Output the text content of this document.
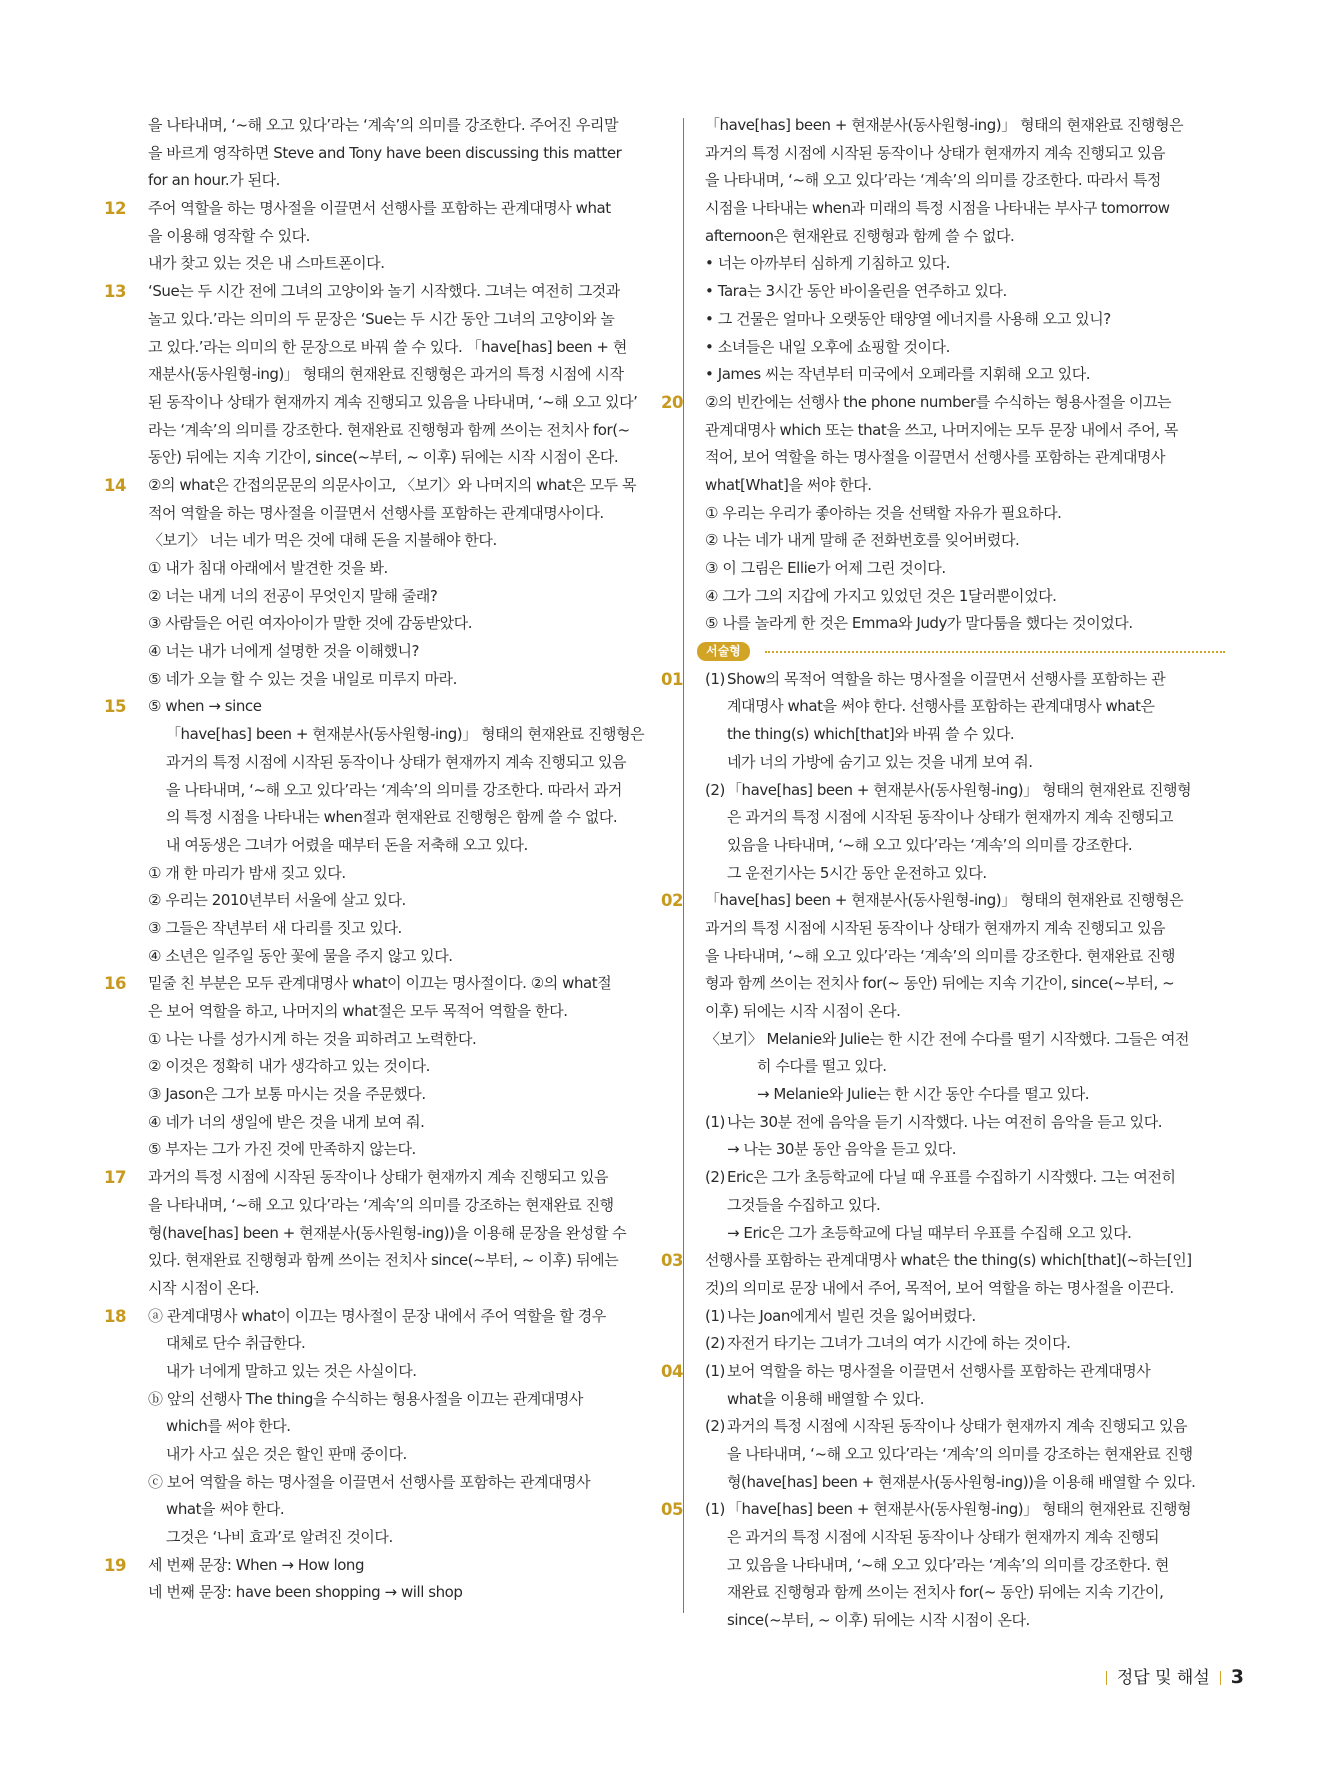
을 나타내며, ‘~해 오고 있다’라는 ‘계속’의 의미를 강조한다. 주어진 우리말
을 바르게 영작하면 Steve and Tony have been discussing this matter
for an hour.가 된다.
12 주어 역할을 하는 명사절을 이끌면서 선행사를 포함하는 관계대명사 what
을 이용해 영작할 수 있다.
내가 찾고 있는 것은 내 스마트폰이다.
13 ‘Sue는 두 시간 전에 그녀의 고양이와 놀기 시작했다. 그녀는 여전히 그것과
놀고 있다.’라는 의미의 두 문장은 ‘Sue는 두 시간 동안 그녀의 고양이와 놀
고 있다.’라는 의미의 한 문장으로 바꿔 쓸 수 있다. 「have[has] been + 현
재분사(동사원형-ing)」 형태의 현재완료 진행형은 과거의 특정 시점에 시작
된 동작이나 상태가 현재까지 계속 진행되고 있음을 나타내며, ‘~해 오고 있다’
라는 ‘계속’의 의미를 강조한다. 현재완료 진행형과 함께 쓰이는 전치사 for(~
동안) 뒤에는 지속 기간이, since(~부터, ~ 이후) 뒤에는 시작 시점이 온다.
14 ②의 what은 간접의문문의 의문사이고, 〈보기〉와 나머지의 what은 모두 목
적어 역할을 하는 명사절을 이끌면서 선행사를 포함하는 관계대명사이다.
〈보기〉 너는 네가 먹은 것에 대해 돈을 지불해야 한다.
① 내가 침대 아래에서 발견한 것을 봐.
② 너는 내게 너의 전공이 무엇인지 말해 줄래?
③ 사람들은 어린 여자아이가 말한 것에 감동받았다.
④ 너는 내가 너에게 설명한 것을 이해했니?
⑤ 네가 오늘 할 수 있는 것을 내일로 미루지 마라.
15 ⑤ when → since
「have[has] been + 현재분사(동사원형-ing)」 형태의 현재완료 진행형은
과거의 특정 시점에 시작된 동작이나 상태가 현재까지 계속 진행되고 있음
을 나타내며, ‘~해 오고 있다’라는 ‘계속’의 의미를 강조한다. 따라서 과거
의 특정 시점을 나타내는 when절과 현재완료 진행형은 함께 쓸 수 없다.
내 여동생은 그녀가 어렸을 때부터 돈을 저축해 오고 있다.
① 개 한 마리가 밤새 짖고 있다.
② 우리는 2010년부터 서울에 살고 있다.
③ 그들은 작년부터 새 다리를 짓고 있다.
④ 소년은 일주일 동안 꽃에 물을 주지 않고 있다.
16 밑줄 친 부분은 모두 관계대명사 what이 이끄는 명사절이다. ②의 what절
은 보어 역할을 하고, 나머지의 what절은 모두 목적어 역할을 한다.
① 나는 나를 성가시게 하는 것을 피하려고 노력한다.
② 이것은 정확히 내가 생각하고 있는 것이다.
③ Jason은 그가 보통 마시는 것을 주문했다.
④ 네가 너의 생일에 받은 것을 내게 보여 줘.
⑤ 부자는 그가 가진 것에 만족하지 않는다.
17 과거의 특정 시점에 시작된 동작이나 상태가 현재까지 계속 진행되고 있음
을 나타내며, ‘~해 오고 있다’라는 ‘계속’의 의미를 강조하는 현재완료 진행
형(have[has] been + 현재분사(동사원형-ing))을 이용해 문장을 완성할 수
있다. 현재완료 진행형과 함께 쓰이는 전치사 since(~부터, ~ 이후) 뒤에는
시작 시점이 온다.
18 ⓐ 관계대명사 what이 이끄는 명사절이 문장 내에서 주어 역할을 할 경우
대체로 단수 취급한다.
내가 너에게 말하고 있는 것은 사실이다.
ⓑ 앞의 선행사 The thing을 수식하는 형용사절을 이끄는 관계대명사
which를 써야 한다.
내가 사고 싶은 것은 할인 판매 중이다.
ⓒ 보어 역할을 하는 명사절을 이끌면서 선행사를 포함하는 관계대명사
what을 써야 한다.
그것은 ‘나비 효과’로 알려진 것이다.
19 세 번째 문장: When → How long
네 번째 문장: have been shopping → will shop
「have[has] been + 현재분사(동사원형-ing)」 형태의 현재완료 진행형은
과거의 특정 시점에 시작된 동작이나 상태가 현재까지 계속 진행되고 있음
을 나타내며, ‘~해 오고 있다’라는 ‘계속’의 의미를 강조한다. 따라서 특정
시점을 나타내는 when과 미래의 특정 시점을 나타내는 부사구 tomorrow
afternoon은 현재완료 진행형과 함께 쓸 수 없다.
• 너는 아까부터 심하게 기침하고 있다.
• Tara는 3시간 동안 바이올린을 연주하고 있다.
• 그 건물은 얼마나 오랫동안 태양열 에너지를 사용해 오고 있니?
• 소녀들은 내일 오후에 쇼핑할 것이다.
• James 씨는 작년부터 미국에서 오페라를 지휘해 오고 있다.
20 ②의 빈칸에는 선행사 the phone number를 수식하는 형용사절을 이끄는
관계대명사 which 또는 that을 쓰고, 나머지에는 모두 문장 내에서 주어, 목
적어, 보어 역할을 하는 명사절을 이끌면서 선행사를 포함하는 관계대명사
what[What]을 써야 한다.
① 우리는 우리가 좋아하는 것을 선택할 자유가 필요하다.
② 나는 네가 내게 말해 준 전화번호를 잊어버렸다.
③ 이 그림은 Ellie가 어제 그린 것이다.
④ 그가 그의 지갑에 가지고 있었던 것은 1달러뿐이었다.
⑤ 나를 놀라게 한 것은 Emma와 Judy가 말다툼을 했다는 것이었다.
서술형
01 (1) Show의 목적어 역할을 하는 명사절을 이끌면서 선행사를 포함하는 관
계대명사 what을 써야 한다. 선행사를 포함하는 관계대명사 what은
the thing(s) which[that]와 바꿔 쓸 수 있다.
네가 너의 가방에 숨기고 있는 것을 내게 보여 줘.
(2) 「have[has] been + 현재분사(동사원형-ing)」 형태의 현재완료 진행형
은 과거의 특정 시점에 시작된 동작이나 상태가 현재까지 계속 진행되고
있음을 나타내며, ‘~해 오고 있다’라는 ‘계속’의 의미를 강조한다.
그 운전기사는 5시간 동안 운전하고 있다.
02 「have[has] been + 현재분사(동사원형-ing)」 형태의 현재완료 진행형은
과거의 특정 시점에 시작된 동작이나 상태가 현재까지 계속 진행되고 있음
을 나타내며, ‘~해 오고 있다’라는 ‘계속’의 의미를 강조한다. 현재완료 진행
형과 함께 쓰이는 전치사 for(~ 동안) 뒤에는 지속 기간이, since(~부터, ~
이후) 뒤에는 시작 시점이 온다.
〈보기〉 Melanie와 Julie는 한 시간 전에 수다를 떨기 시작했다. 그들은 여전
히 수다를 떨고 있다.
→ Melanie와 Julie는 한 시간 동안 수다를 떨고 있다.
(1) 나는 30분 전에 음악을 듣기 시작했다. 나는 여전히 음악을 듣고 있다.
→ 나는 30분 동안 음악을 듣고 있다.
(2) Eric은 그가 초등학교에 다닐 때 우표를 수집하기 시작했다. 그는 여전히
그것들을 수집하고 있다.
→ Eric은 그가 초등학교에 다닐 때부터 우표를 수집해 오고 있다.
03 선행사를 포함하는 관계대명사 what은 the thing(s) which[that](~하는[인]
것)의 의미로 문장 내에서 주어, 목적어, 보어 역할을 하는 명사절을 이끈다.
(1) 나는 Joan에게서 빌린 것을 잃어버렸다.
(2) 자전거 타기는 그녀가 그녀의 여가 시간에 하는 것이다.
04 (1) 보어 역할을 하는 명사절을 이끌면서 선행사를 포함하는 관계대명사
what을 이용해 배열할 수 있다.
(2) 과거의 특정 시점에 시작된 동작이나 상태가 현재까지 계속 진행되고 있음
을 나타내며, ‘~해 오고 있다’라는 ‘계속’의 의미를 강조하는 현재완료 진행
형(have[has] been + 현재분사(동사원형-ing))을 이용해 배열할 수 있다.
05 (1) 「have[has] been + 현재분사(동사원형-ing)」 형태의 현재완료 진행형
은 과거의 특정 시점에 시작된 동작이나 상태가 현재까지 계속 진행되
고 있음을 나타내며, ‘~해 오고 있다’라는 ‘계속’의 의미를 강조한다. 현
재완료 진행형과 함께 쓰이는 전치사 for(~ 동안) 뒤에는 지속 기간이,
since(~부터, ~ 이후) 뒤에는 시작 시점이 온다.
정답 및 해설 3
